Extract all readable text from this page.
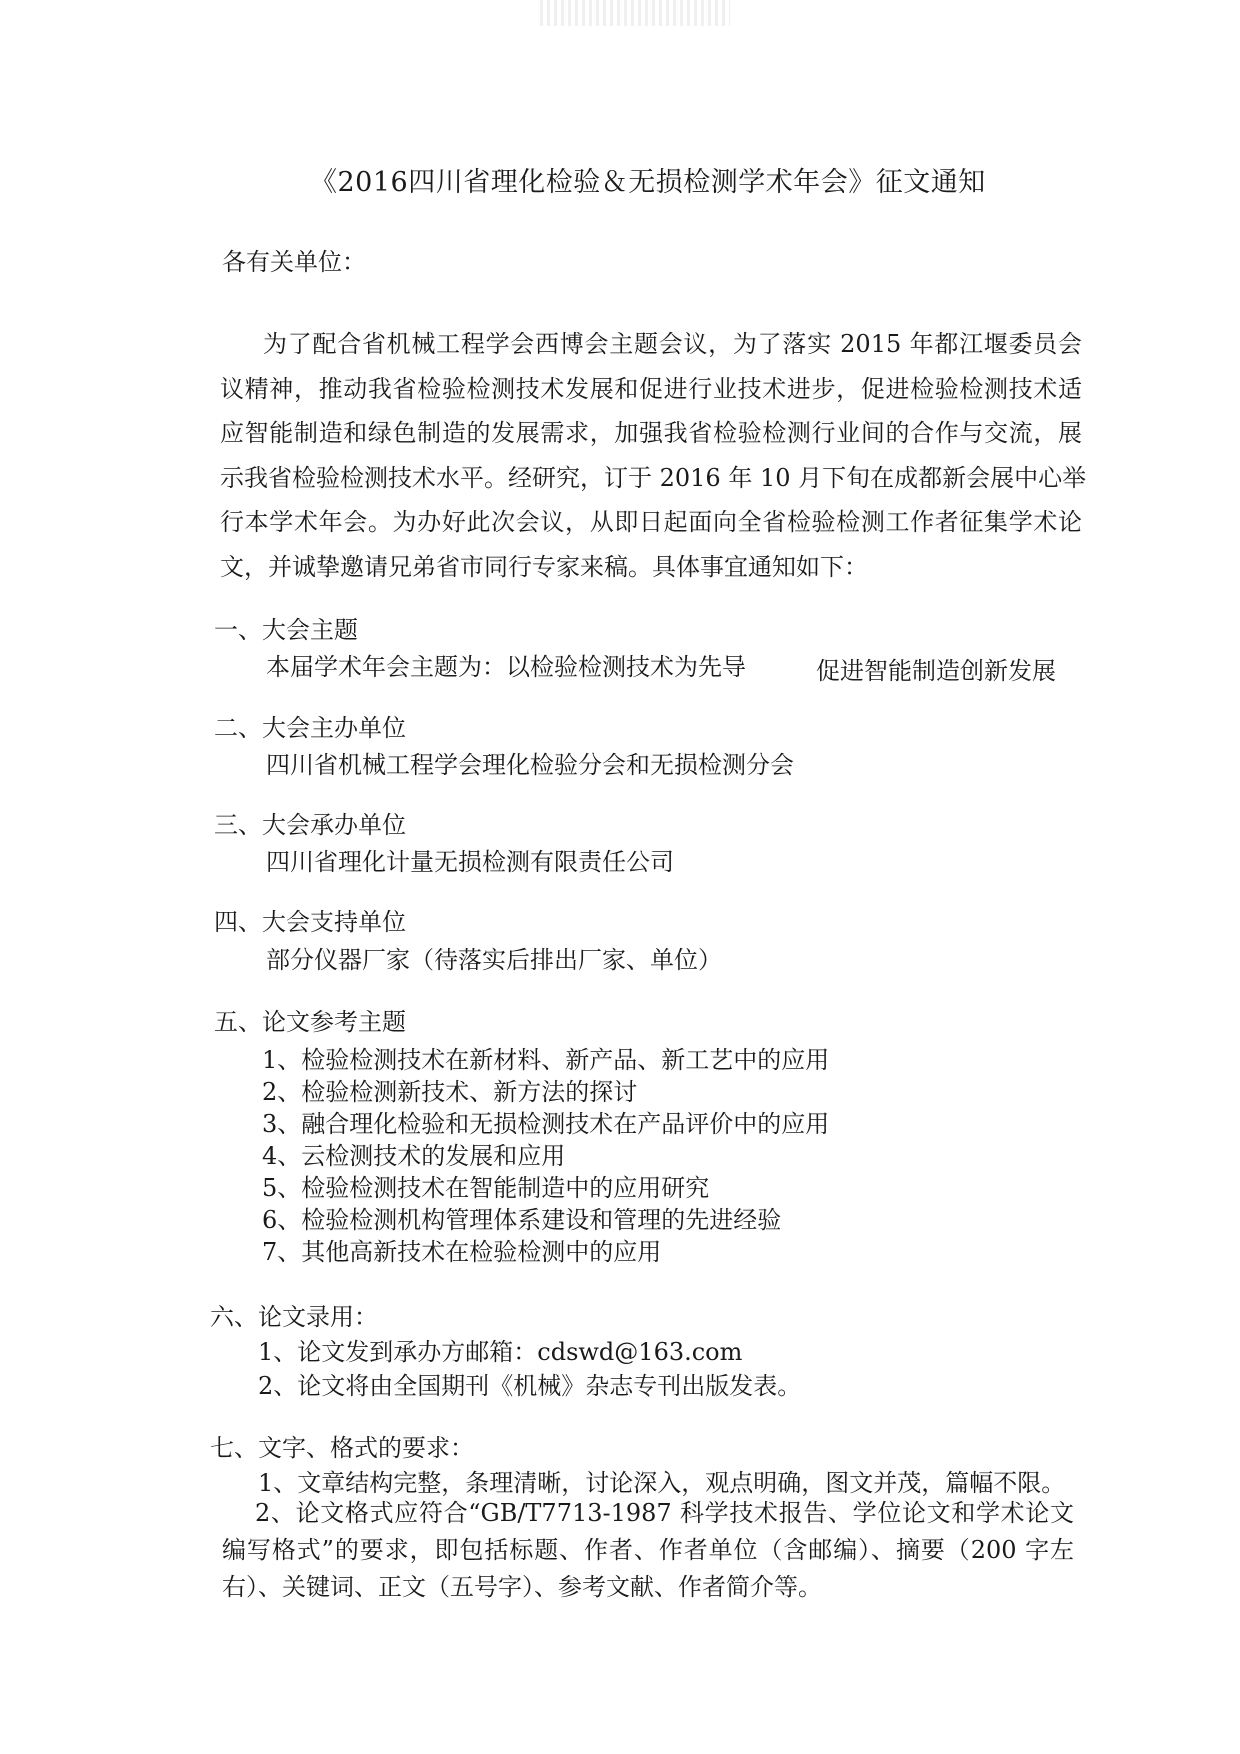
《2016四川省理化检验＆无损检测学术年会》征文通知
各有关单位：
为了配合省机械工程学会西博会主题会议，为了落实 2015 年都江堰委员会
议精神，推动我省检验检测技术发展和促进行业技术进步，促进检验检测技术适
应智能制造和绿色制造的发展需求，加强我省检验检测行业间的合作与交流，展
示我省检验检测技术水平。经研究，订于 2016 年 10 月下旬在成都新会展中心举
行本学术年会。为办好此次会议，从即日起面向全省检验检测工作者征集学术论
文，并诚挚邀请兄弟省市同行专家来稿。具体事宜通知如下：
一、大会主题
本届学术年会主题为：以检验检测技术为先导	促进智能制造创新发展
二、大会主办单位
四川省机械工程学会理化检验分会和无损检测分会
三、大会承办单位
四川省理化计量无损检测有限责任公司
四、大会支持单位
部分仪器厂家（待落实后排出厂家、单位）
五、论文参考主题
1、检验检测技术在新材料、新产品、新工艺中的应用
2、检验检测新技术、新方法的探讨
3、融合理化检验和无损检测技术在产品评价中的应用
4、云检测技术的发展和应用
5、检验检测技术在智能制造中的应用研究
6、检验检测机构管理体系建设和管理的先进经验
7、其他高新技术在检验检测中的应用
六、论文录用：
1、论文发到承办方邮箱：cdswd@163.com
2、论文将由全国期刊《机械》杂志专刊出版发表。
七、文字、格式的要求：
1、文章结构完整，条理清晰，讨论深入，观点明确，图文并茂，篇幅不限。
2、论文格式应符合“GB/T7713-1987 科学技术报告、学位论文和学术论文
编写格式”的要求，即包括标题、作者、作者单位（含邮编）、摘要（200 字左
右）、关键词、正文（五号字）、参考文献、作者简介等。
